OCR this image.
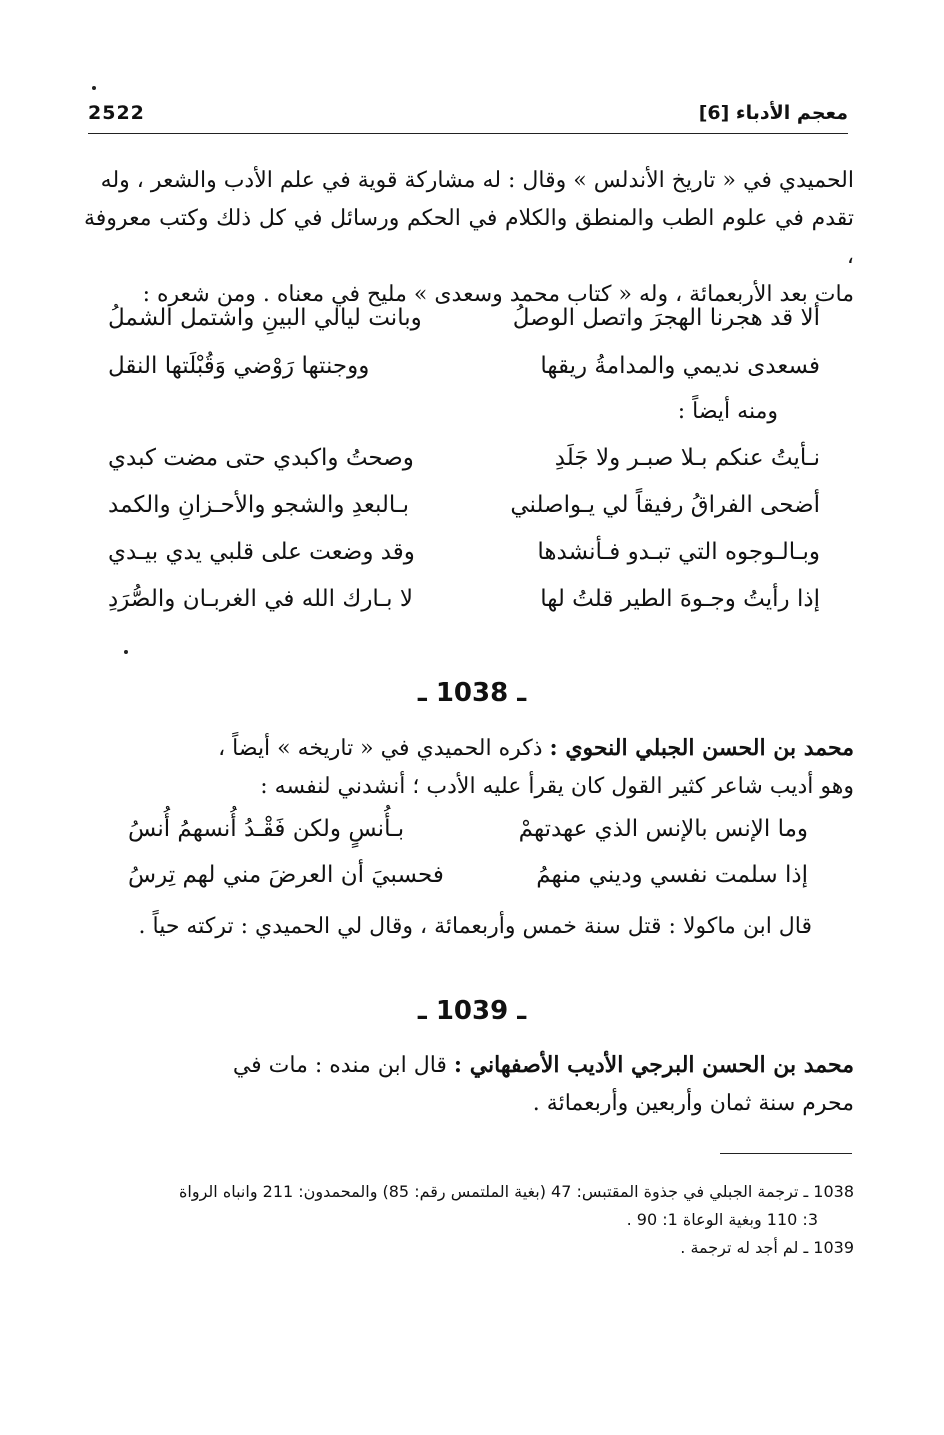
2522	معجم الأدباء [6]
الحميدي في « تاريخ الأندلس » وقال : له مشاركة قوية في علم الأدب والشعر ، وله
تقدم في علوم الطب والمنطق والكلام في الحكم ورسائل في كل ذلك وكتب معروفة ،
مات بعد الأربعمائة ، وله « كتاب محمد وسعدى » مليح في معناه . ومن شعره :
ألا قد هجرنا الهجرَ واتصل الوصلُ
وبانت ليالي البينِ واشتمل الشملُ
فسعدى نديمي والمدامةُ ريقها
ووجنتها رَوْضي وَقُبْلَتها النقل
ومنه أيضاً :
نـأيتُ عنكم بـلا صبـر ولا جَلَدِ
وصحتُ واكبدي حتى مضت كبدي
أضحى الفراقُ رفيقاً لي يـواصلني
بـالبعدِ والشجو والأحـزانِ والكمد
وبـالـوجوه التي تبـدو فـأنشدها
وقد وضعت على قلبي يدي بيـدي
إذا رأيتُ وجـوهَ الطير قلتُ لها
لا بـارك الله في الغربـان والصُّرَدِ
ـ 1038 ـ
محمد بن الحسن الجبلي النحوي : ذكره الحميدي في « تاريخه » أيضاً ،
وهو أديب شاعر كثير القول كان يقرأ عليه الأدب ؛ أنشدني لنفسه :
وما الإنس بالإنس الذي عهدتهمْ
بـأُنسٍ ولكن فَقْـدُ أُنسهمُ أُنسُ
إذا سلمت نفسي وديني منهمُ
فحسبيَ أن العرضَ مني لهم تِرسُ
قال ابن ماكولا : قتل سنة خمس وأربعمائة ، وقال لي الحميدي : تركته حياً .
ـ 1039 ـ
محمد بن الحسن البرجي الأديب الأصفهاني : قال ابن منده : مات في
محرم سنة ثمان وأربعين وأربعمائة .
1038 ـ ترجمة الجبلي في جذوة المقتبس: 47 (بغية الملتمس رقم: 85) والمحمدون: 211 وانباه الرواة
3: 110 وبغية الوعاة 1: 90 .
1039 ـ لم أجد له ترجمة .
